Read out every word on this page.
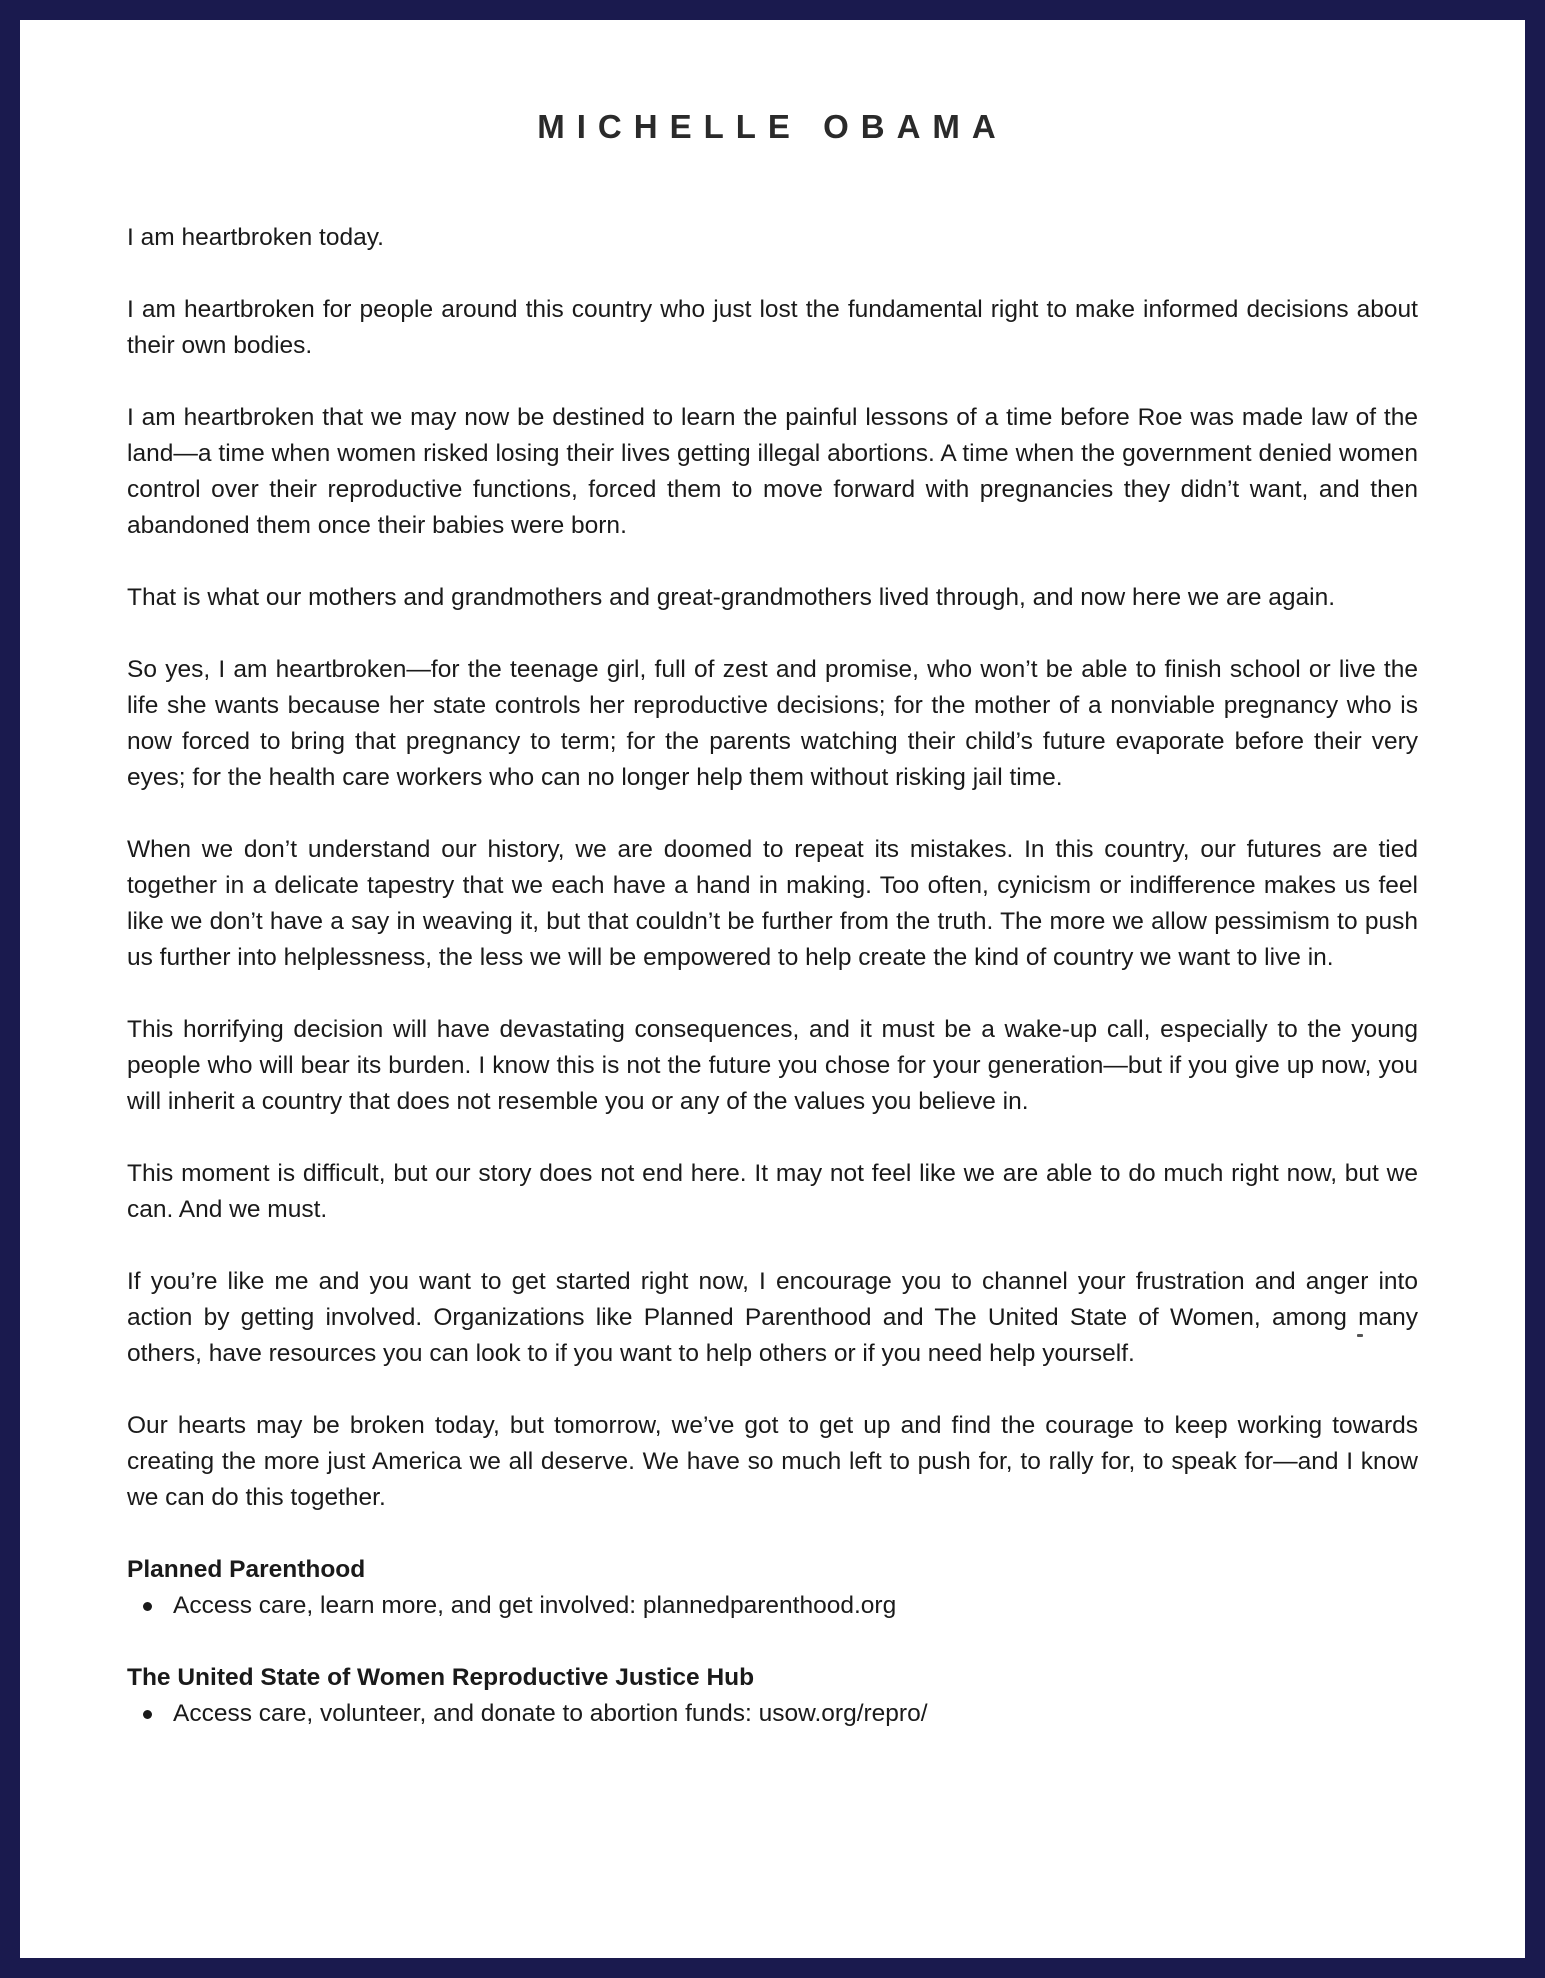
MICHELLE OBAMA

I am heartbroken today.

I am heartbroken for people around this country who just lost the fundamental right to make informed decisions about their own bodies.

I am heartbroken that we may now be destined to learn the painful lessons of a time before Roe was made law of the land—a time when women risked losing their lives getting illegal abortions. A time when the government denied women control over their reproductive functions, forced them to move forward with pregnancies they didn’t want, and then abandoned them once their babies were born.

That is what our mothers and grandmothers and great-grandmothers lived through, and now here we are again.

So yes, I am heartbroken—for the teenage girl, full of zest and promise, who won’t be able to finish school or live the life she wants because her state controls her reproductive decisions; for the mother of a nonviable pregnancy who is now forced to bring that pregnancy to term; for the parents watching their child’s future evaporate before their very eyes; for the health care workers who can no longer help them without risking jail time.

When we don’t understand our history, we are doomed to repeat its mistakes. In this country, our futures are tied together in a delicate tapestry that we each have a hand in making. Too often, cynicism or indifference makes us feel like we don’t have a say in weaving it, but that couldn’t be further from the truth. The more we allow pessimism to push us further into helplessness, the less we will be empowered to help create the kind of country we want to live in.

This horrifying decision will have devastating consequences, and it must be a wake-up call, especially to the young people who will bear its burden. I know this is not the future you chose for your generation—but if you give up now, you will inherit a country that does not resemble you or any of the values you believe in.

This moment is difficult, but our story does not end here. It may not feel like we are able to do much right now, but we can. And we must.

If you’re like me and you want to get started right now, I encourage you to channel your frustration and anger into action by getting involved. Organizations like Planned Parenthood and The United State of Women, among many others, have resources you can look to if you want to help others or if you need help yourself.

Our hearts may be broken today, but tomorrow, we’ve got to get up and find the courage to keep working towards creating the more just America we all deserve. We have so much left to push for, to rally for, to speak for—and I know we can do this together.

Planned Parenthood

Access care, learn more, and get involved: plannedparenthood.org

The United State of Women Reproductive Justice Hub

Access care, volunteer, and donate to abortion funds: usow.org/repro/
